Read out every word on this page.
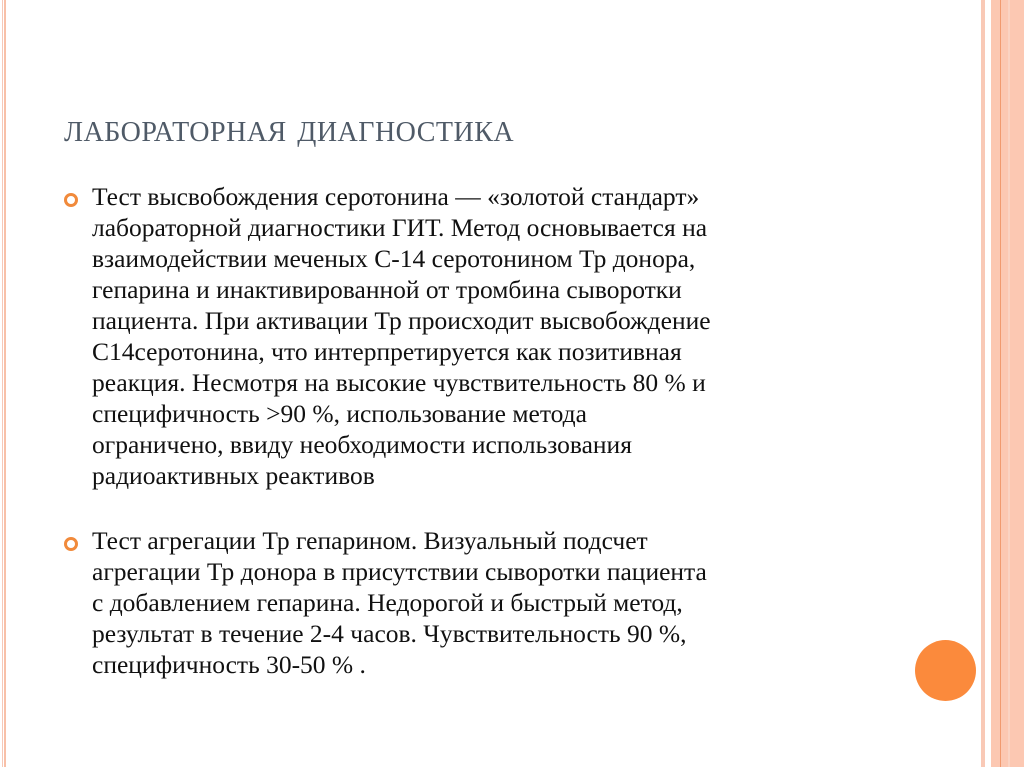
лабораторная диагностика
Тест высвобождения серотонина — «золотой стандарт»
лабораторной диагностики ГИТ. Метод основывается на
взаимодействии меченых С-14 серотонином Тр донора,
гепарина и инактивированной от тромбина сыворотки
пациента. При активации Тр происходит высвобождение
С14серотонина, что интерпретируется как позитивная
реакция. Несмотря на высокие чувствительность 80 % и
специфичность >90 %, использование метода
ограничено, ввиду необходимости использования
радиоактивных реактивов
Тест агрегации Тр гепарином. Визуальный подсчет
агрегации Тр донора в присутствии сыворотки пациента
с добавлением гепарина. Недорогой и быстрый метод,
результат в течение 2-4 часов. Чувствительность 90 %,
специфичность 30-50 % .
